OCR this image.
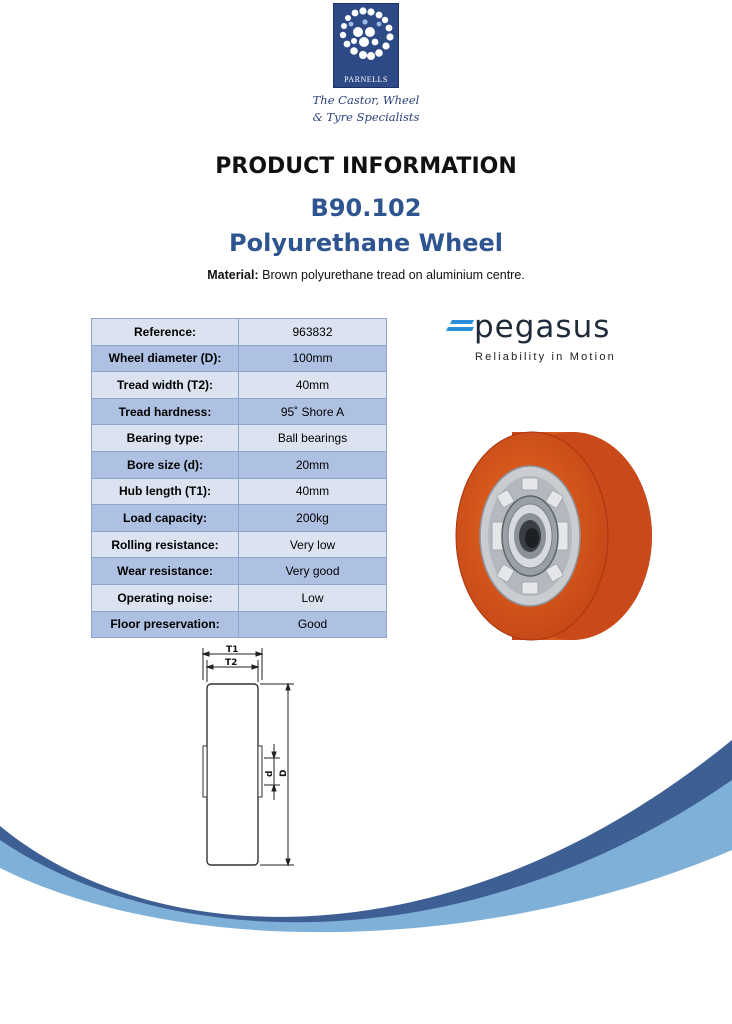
PARNELLS
The Castor, Wheel
& Tyre Specialists
PRODUCT INFORMATION
B90.102
Polyurethane Wheel
Material: Brown polyurethane tread on aluminium centre.
Reference:	963832
Wheel diameter (D):	100mm
Tread width (T2):	40mm
Tread hardness:	95˚ Shore A
Bearing type:	Ball bearings
Bore size (d):	20mm
Hub length (T1):	40mm
Load capacity:	200kg
Rolling resistance:	Very low
Wear resistance:	Very good
Operating noise:	Low
Floor preservation:	Good
pegasus
Reliability in Motion
T1
T2
d D
